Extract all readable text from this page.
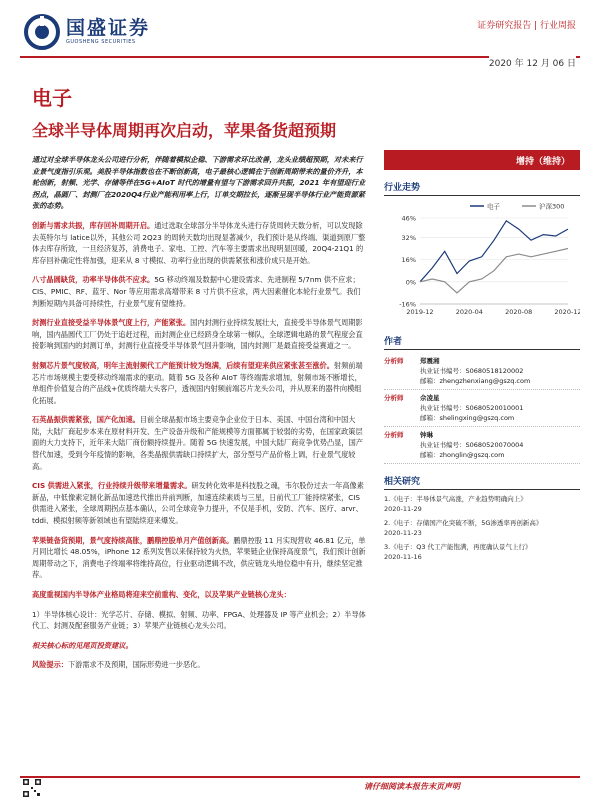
国盛证券
GUOSHENG SECURITIES
证券研究报告 | 行业周报
2020 年 12 月 06 日
电子
全球半导体周期再次启动，苹果备货超预期

通过对全球半导体龙头公司进行分析，伴随着模拟企稳、下游需求环比改善，龙头业绩超预期，对未来行业景气度指引乐观。美股半导体指数也在不断创新高，电子最核心逻辑在于创新周期带来的量价齐升，本轮创新，射频、光学、存储等伴在5G+AIoT 时代的增量有望与下游需求回升共振，2021 年有望迎行业拐点，晶圆厂、封测厂在2020Q4行业产能利用率上行，订单交期拉长，逐渐呈现半导体行业产能资源紧张的态势。

创新与需求共振，库存回补周期开启。通过选取全球部分半导体龙头进行存货周转天数分析，可以发现除去英特尔与 latice以外，其他公司 2Q23 的周转天数均出现显著减少，我们预计是从终端、渠道到原厂整体去库存所致，一旦经济复苏，消费电子、家电、工控、汽车等主要需求出现明显回暖，20Q4-21Q1 的库存回补确定性将加强，迎来从 8 寸模拟、功率行业出现的供需紧张和涨价成只是开始。

八寸晶圆缺货，功率半导体供不应求。5G 移动终端及数据中心建设需求、先进制程 5/7nm 供不应求；CIS、PMIC、RF、蓝牙、Nor 等应用需求高增带来 8 寸片供不应求，两大因素催化本轮行业景气。我们判断短期内具备可持续性，行业景气度有望维持。

封测行业直接受益半导体景气度上行，产能紧张。国内封测行业持续发展壮大，直接受半导体景气周期影响，国内晶圆代工厂仍处于追赶过程，而封测企业已经跻身全球第一梯队，全球逻辑电路的景气程度会直接影响到国内的封测订单，封测行业直接受半导体景气回升影响，国内封测厂是最直接受益赛道之一。

射频芯片景气度较高，明年主流射频代工产能预计较为饱满，后续有望迎来供应紧张甚至涨价。射频前端芯片市场规模主要受移动终端需求的驱动。随着 5G 及各种 AIoT 等终端需求增加，射频市场不断增长，单组件价值复合的产品线+优质终端大头客户，透视国内射频前端芯片龙头公司，并从原来的器件向模组化拓展。

石英晶振供需紧张，国产化加速。目前全球晶振市场主要竞争企业位于日本、美国、中国台湾和中国大陆，大陆厂商起步本来在原材料开发、生产设备升级和产能规模等方面都属于较弱的劣势，在国家政策层面的大力支持下，近年来大陆厂商份额持续提升。随着 5G 快速发展，中国大陆厂商竞争优势凸显，国产替代加速，受到今年疫情的影响，各类晶振供需缺口持续扩大，部分型号产品价格上调，行业景气度较高。

CIS 供需进入紧张，行业持续升级带来增量需求。研发转化效率是科技股之魂，韦尔股份过去一年高像素新品，中低像素定制化新品加速迭代推出并前判断，加速连续素质与三星，日前代工厂能持续紧张，CIS 供需进入紧张，全球周期拐点基本确认，公司全球竞争力提升，不仅是手机，安防、汽车、医疗、arvr、tddi、模拟射频等新领域也有望陆续迎来爆发。

苹果链备货预期，景气度持续高胀，鹏鼎控股单月产值创新高。鹏鼎控股 11 月实现营收 46.81 亿元，单月同比增长 48.05%，iPhone 12 系列发售以来保持较为火热，苹果链企业保持高度景气，我们预计创新周期带动之下，消费电子终端率将维持高位，行业驱动逻辑不改，供应链龙头地位稳中有升，继续坚定推荐。

高度重视国内半导体产业格局将迎来空前重构、变化，以及苹果产业链核心龙头：

1）半导体核心设计：光学芯片、存储、模拟、射频、功率、FPGA、处理器及 IP 等产业机会；2）半导体代工、封测及配套服务产业链；3）苹果产业链核心龙头公司。

相关核心标的见尾页投资建议。

风险提示：下游需求不及预期，国际形势进一步恶化。

增持（维持）
行业走势
46%
32%
16%
0%
-16%
2019-12	2020-04	2020-08	2020-12
电子	沪深300
作者
分析师	郑震湘
执业证书编号：S0680518120002
邮箱：zhengzhenxiang@gszq.com
分析师	佘凌星
执业证书编号：S0680520010001
邮箱：shelingxing@gszq.com
分析师	钟琳
执业证书编号：S0680520070004
邮箱：zhonglin@gszq.com
相关研究
1.《电子：半导体景气高涨，产业趋势明确向上》
2020-11-29
2.《电子：存储国产化突破不断，5G渗透率再创新高》
2020-11-23
3.《电子：Q3 代工产能饱满，再度确认景气上行》
2020-11-16
请仔细阅读本报告末页声明
